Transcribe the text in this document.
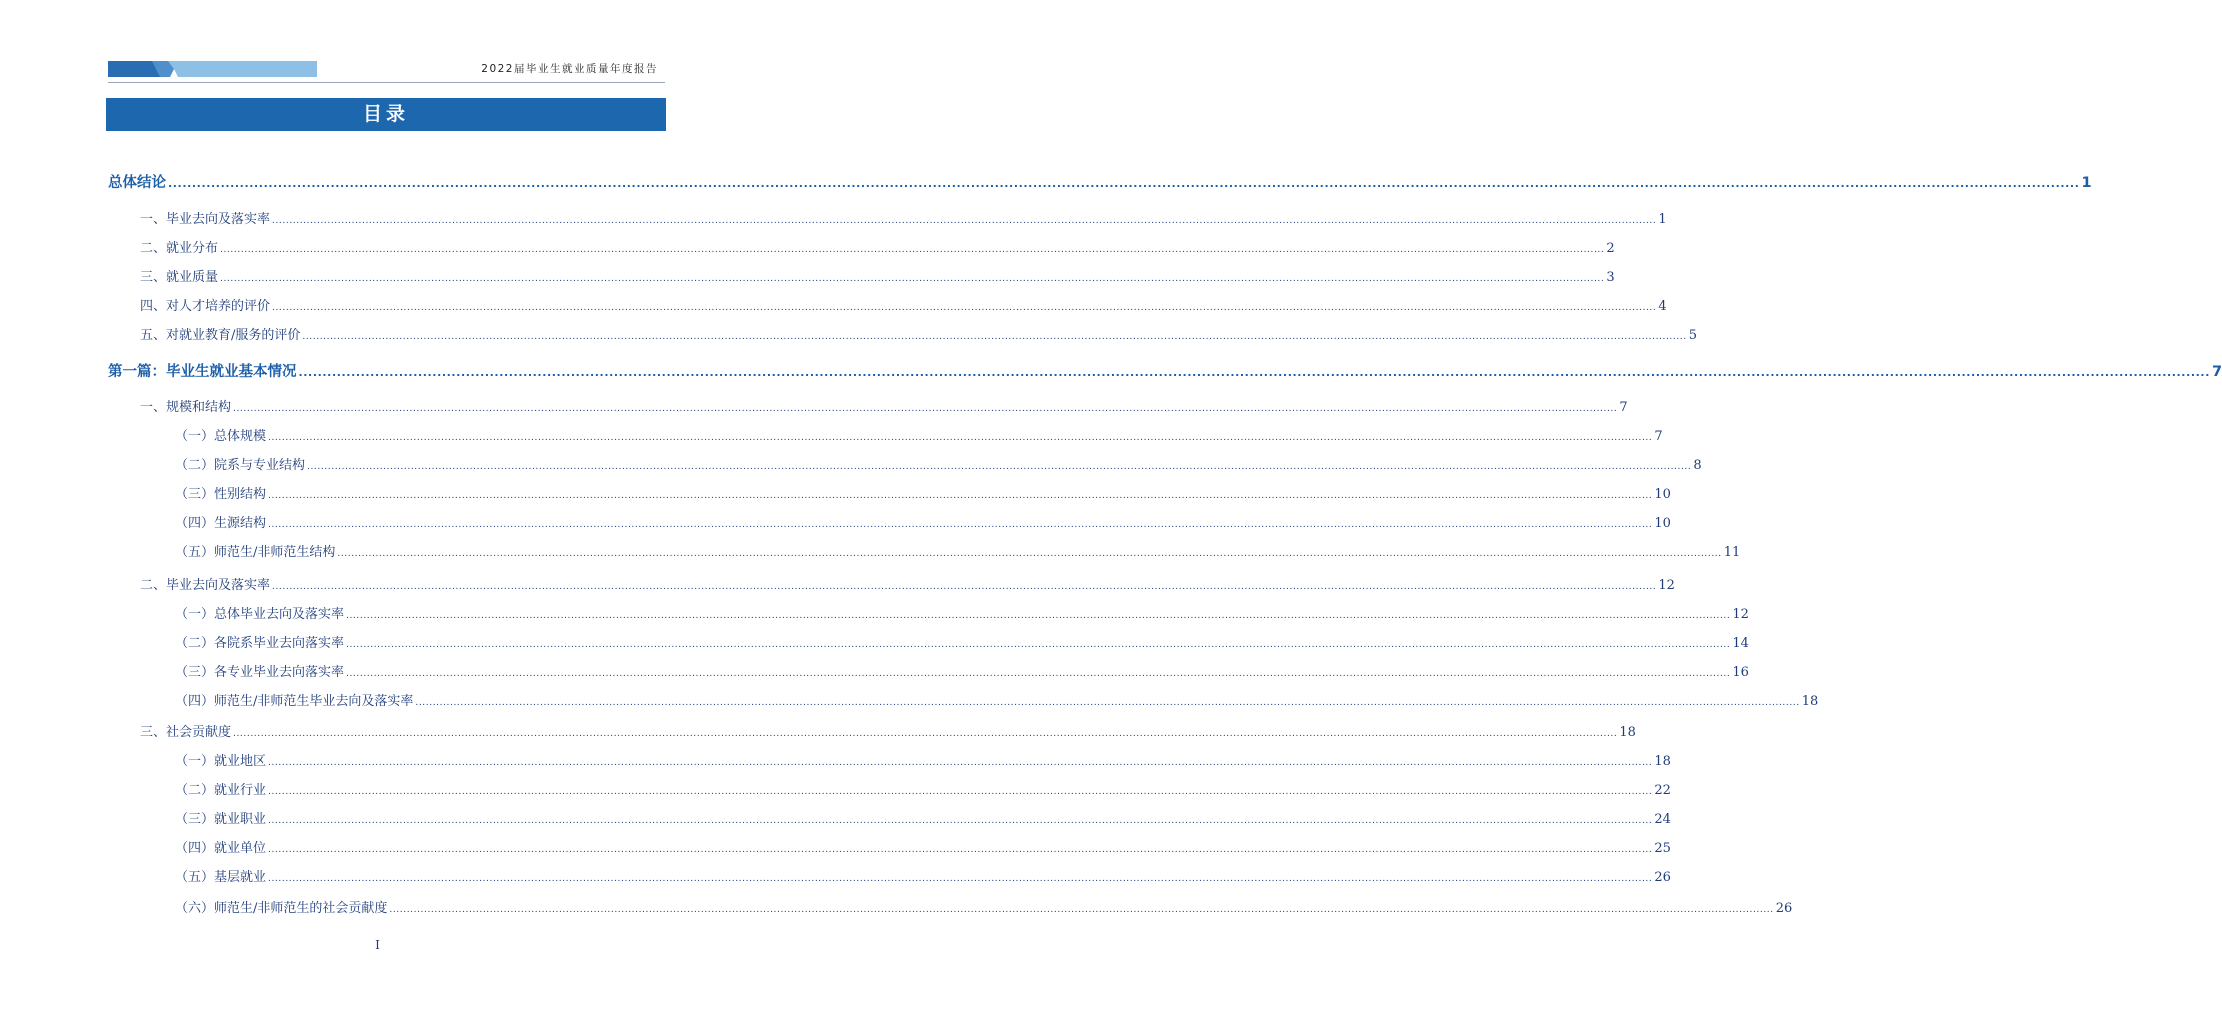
2022届毕业生就业质量年度报告
目录
总体结论 ................................................................................................................................................................................................................................................................................................................................................................................................................ 1
一、毕业去向及落实率 ................................................................................................................................................................................................................................................................................................................................................................................................................ 1
二、就业分布 ................................................................................................................................................................................................................................................................................................................................................................................................................ 2
三、就业质量 ................................................................................................................................................................................................................................................................................................................................................................................................................ 3
四、对人才培养的评价 ................................................................................................................................................................................................................................................................................................................................................................................................................ 4
五、对就业教育/服务的评价 ................................................................................................................................................................................................................................................................................................................................................................................................................ 5
第一篇：毕业生就业基本情况 ................................................................................................................................................................................................................................................................................................................................................................................................................ 7
一、规模和结构 ................................................................................................................................................................................................................................................................................................................................................................................................................ 7
（一）总体规模 ................................................................................................................................................................................................................................................................................................................................................................................................................ 7
（二）院系与专业结构 ................................................................................................................................................................................................................................................................................................................................................................................................................ 8
（三）性别结构 ................................................................................................................................................................................................................................................................................................................................................................................................................ 10
（四）生源结构 ................................................................................................................................................................................................................................................................................................................................................................................................................ 10
（五）师范生/非师范生结构 ................................................................................................................................................................................................................................................................................................................................................................................................................ 11
二、毕业去向及落实率 ................................................................................................................................................................................................................................................................................................................................................................................................................ 12
（一）总体毕业去向及落实率 ................................................................................................................................................................................................................................................................................................................................................................................................................ 12
（二）各院系毕业去向落实率 ................................................................................................................................................................................................................................................................................................................................................................................................................ 14
（三）各专业毕业去向落实率 ................................................................................................................................................................................................................................................................................................................................................................................................................ 16
（四）师范生/非师范生毕业去向及落实率 ................................................................................................................................................................................................................................................................................................................................................................................................................ 18
三、社会贡献度 ................................................................................................................................................................................................................................................................................................................................................................................................................ 18
（一）就业地区 ................................................................................................................................................................................................................................................................................................................................................................................................................ 18
（二）就业行业 ................................................................................................................................................................................................................................................................................................................................................................................................................ 22
（三）就业职业 ................................................................................................................................................................................................................................................................................................................................................................................................................ 24
（四）就业单位 ................................................................................................................................................................................................................................................................................................................................................................................................................ 25
（五）基层就业 ................................................................................................................................................................................................................................................................................................................................................................................................................ 26
（六）师范生/非师范生的社会贡献度 ................................................................................................................................................................................................................................................................................................................................................................................................................ 26
I
